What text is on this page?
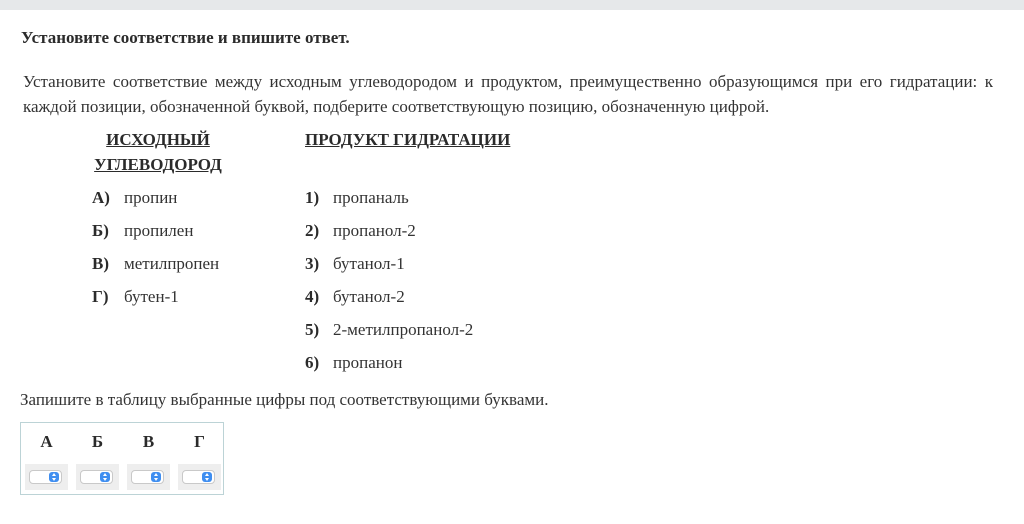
Установите соответствие и впишите ответ.
Установите соответствие между исходным углеводородом и продуктом, преимущественно образующимся при его гидратации: к каждой позиции, обозначенной буквой, подберите соответствующую позицию, обозначенную цифрой.
ИСХОДНЫЙ УГЛЕВОДОРОД
ПРОДУКТ ГИДРАТАЦИИ
А) пропин
Б) пропилен
В) метилпропен
Г) бутен-1
1) пропаналь
2) пропанол-2
3) бутанол-1
4) бутанол-2
5) 2-метилпропанол-2
6) пропанон
Запишите в таблицу выбранные цифры под соответствующими буквами.
А	Б	В	Г
